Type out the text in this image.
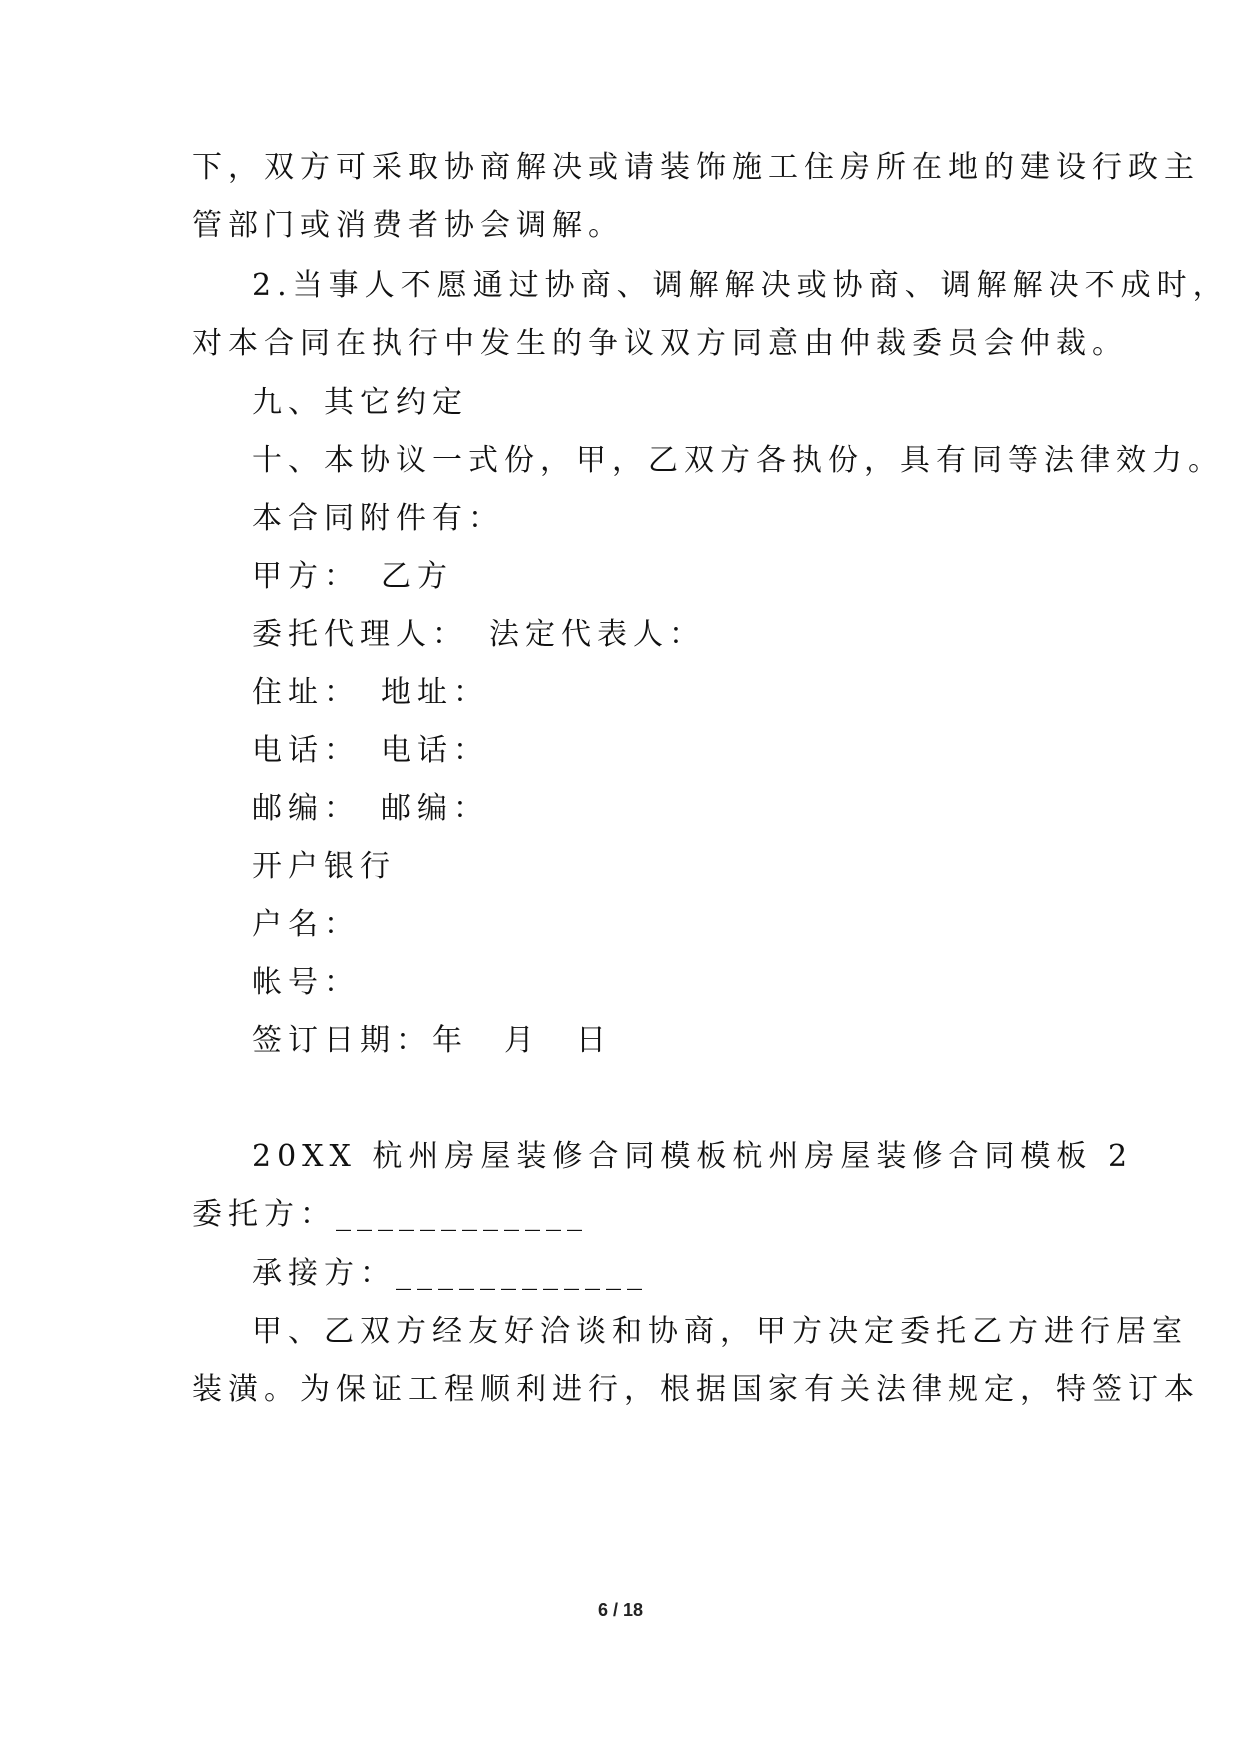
下，双方可采取协商解决或请装饰施工住房所在地的建设行政主
管部门或消费者协会调解。
2.当事人不愿通过协商、调解解决或协商、调解解决不成时，
对本合同在执行中发生的争议双方同意由仲裁委员会仲裁。
九、其它约定
十、本协议一式份，甲，乙双方各执份，具有同等法律效力。
本合同附件有：
甲方：　乙方
委托代理人：　法定代表人：
住址：　地址：
电话：　电话：
邮编：　邮编：
开户银行
户名：
帐号：
签订日期：年　月　日
20XX 杭州房屋装修合同模板杭州房屋装修合同模板 2
委托方：____________
承接方：____________
甲、乙双方经友好洽谈和协商，甲方决定委托乙方进行居室
装潢。为保证工程顺利进行，根据国家有关法律规定，特签订本
6 / 18
